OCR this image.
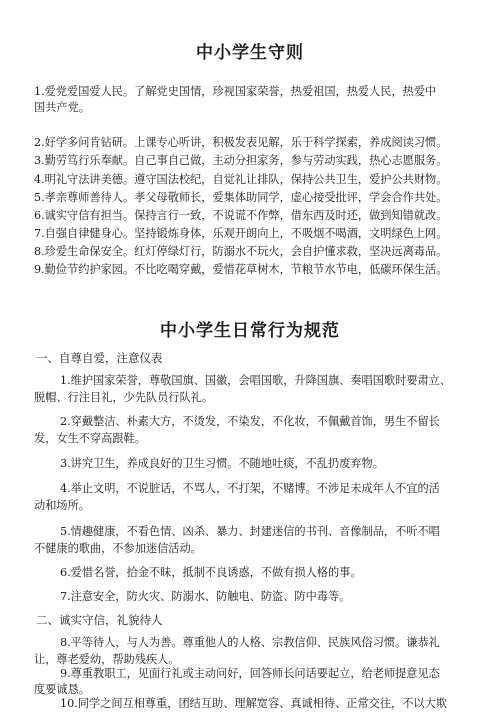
中小学生守则
1.爱党爱国爱人民。了解党史国情，珍视国家荣誉，热爱祖国，热爱人民，热爱中
国共产党。
2.好学多问肯钻研。上课专心听讲，积极发表见解，乐于科学探索，养成阅读习惯。
3.勤劳笃行乐奉献。自己事自己做，主动分担家务，参与劳动实践，热心志愿服务。
4.明礼守法讲美德。遵守国法校纪，自觉礼让排队，保持公共卫生，爱护公共财物。
5.孝亲尊师善待人。孝父母敬师长，爱集体助同学，虚心接受批评，学会合作共处。
6.诚实守信有担当。保持言行一致，不说谎不作弊，借东西及时还，做到知错就改。
7.自强自律健身心。坚持锻炼身体，乐观开朗向上，不吸烟不喝酒，文明绿色上网。
8.珍爱生命保安全。红灯停绿灯行，防溺水不玩火，会自护懂求救，坚决远离毒品。
9.勤俭节约护家园。不比吃喝穿戴，爱惜花草树木，节粮节水节电，低碳环保生活。
中小学生日常行为规范
一、自尊自爱，注意仪表
1.维护国家荣誉，尊敬国旗、国徽，会唱国歌，升降国旗、奏唱国歌时要肃立、
脱帽、行注目礼，少先队员行队礼。
2.穿戴整洁、朴素大方，不烫发，不染发，不化妆，不佩戴首饰，男生不留长
发，女生不穿高跟鞋。
3.讲究卫生，养成良好的卫生习惯。不随地吐痰，不乱扔废弃物。
4.举止文明，不说脏话，不骂人，不打架，不赌博。不涉足未成年人不宜的活
动和场所。
5.情趣健康，不看色情、凶杀、暴力、封建迷信的书刊、音像制品，不听不唱
不健康的歌曲，不参加迷信活动。
6.爱惜名誉，拾金不昧，抵制不良诱惑，不做有损人格的事。
7.注意安全，防火灾、防溺水、防触电、防盗、防中毒等。
二、诚实守信，礼貌待人
8.平等待人，与人为善。尊重他人的人格、宗教信仰、民族风俗习惯。谦恭礼
让，尊老爱幼，帮助残疾人。
9.尊重教职工，见面行礼或主动问好，回答师长问话要起立，给老师提意见态
度要诚恳。
10.同学之间互相尊重，团结互助、理解宽容、真诚相待、正常交往，不以大欺
